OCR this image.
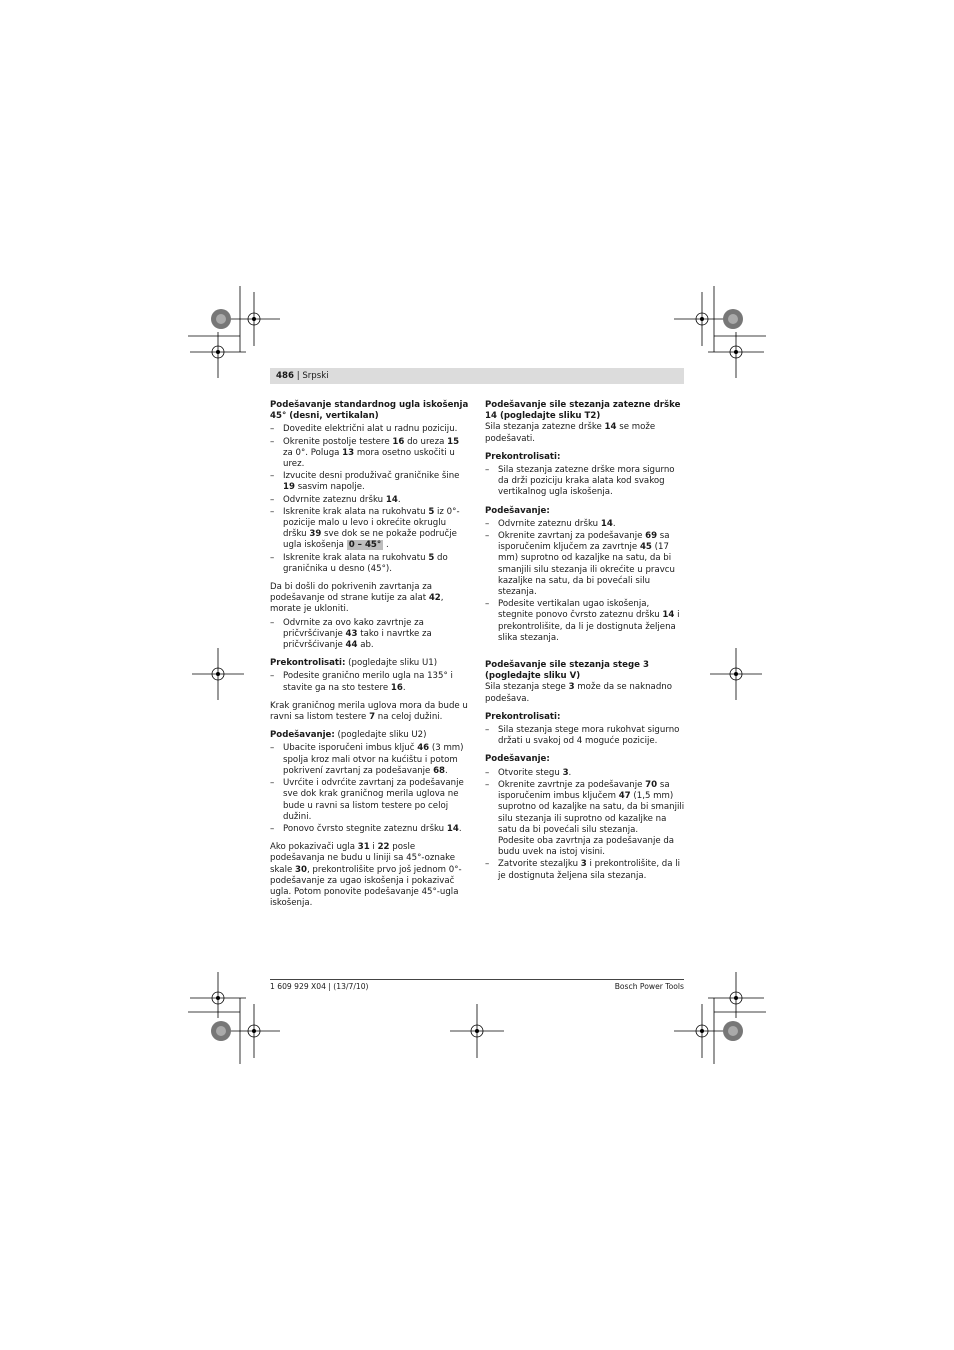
486 | Srpski

Podešavanje standardnog ugla iskošenja 45° (desni, vertikalan)

– Dovedite električni alat u radnu poziciju.
– Okrenite postolje testere 16 do ureza 15 za 0°. Poluga 13 mora osetno uskočiti u urez.
– Izvucite desni produživač graničnike šine 19 sasvim napolje.
– Odvrnite zateznu dršku 14.
– Iskrenite krak alata na rukohvatu 5 iz 0°-pozicije malo u levo i okrećite okruglu dršku 39 sve dok se ne pokaže područje ugla iskošenja 0 – 45° .
– Iskrenite krak alata na rukohvatu 5 do graničnika u desno (45°).

Da bi došli do pokrivenih zavrtanja za podešavanje od strane kutije za alat 42, morate je ukloniti.

– Odvrnite za ovo kako zavrtnje za pričvršćivanje 43 tako i navrtke za pričvršćivanje 44 ab.

Prekontrolisati: (pogledajte sliku U1)

– Podesite granično merilo ugla na 135° i stavite ga na sto testere 16.

Krak graničnog merila uglova mora da bude u ravni sa listom testere 7 na celoj dužini.

Podešavanje: (pogledajte sliku U2)

– Ubacite isporučeni imbus ključ 46 (3 mm) spolja kroz mali otvor na kućištu i potom pokrivení zavrtanj za podešavanje 68.
– Uvrćite i odvrćite zavrtanj za podešavanje sve dok krak graničnog merila uglova ne bude u ravni sa listom testere po celoj dužini.
– Ponovo čvrsto stegnite zateznu dršku 14.

Ako pokazivači ugla 31 i 22 posle podešavanja ne budu u liniji sa 45°-oznake skale 30, prekontrolišite prvo još jednom 0°-podešavanje za ugao iskošenja i pokazivač ugla. Potom ponovite podešavanje 45°-ugla iskošenja.

Podešavanje sile stezanja zatezne drške 14 (pogledajte sliku T2)

Sila stezanja zatezne drške 14 se može podešavati.

Prekontrolisati:

– Sila stezanja zatezne drške mora sigurno da drži poziciju kraka alata kod svakog vertikalnog ugla iskošenja.

Podešavanje:

– Odvrnite zateznu dršku 14.
– Okrenite zavrtanj za podešavanje 69 sa isporučenim ključem za zavrtnje 45 (17 mm) suprotno od kazaljke na satu, da bi smanjili silu stezanja ili okrećite u pravcu kazaljke na satu, da bi povećali silu stezanja.
– Podesite vertikalan ugao iskošenja, stegnite ponovo čvrsto zateznu dršku 14 i prekontrolišite, da li je dostignuta željena slika stezanja.

Podešavanje sile stezanja stege 3 (pogledajte sliku V)

Sila stezanja stege 3 može da se naknadno podešava.

Prekontrolisati:

– Sila stezanja stege mora rukohvat sigurno držati u svakoj od 4 moguće pozicije.

Podešavanje:

– Otvorite stegu 3.
– Okrenite zavrtnje za podešavanje 70 sa isporučenim imbus ključem 47 (1,5 mm) suprotno od kazaljke na satu, da bi smanjili silu stezanja ili suprotno od kazaljke na satu da bi povećali silu stezanja.
Podesite oba zavrtnja za podešavanje da budu uvek na istoj visini.
– Zatvorite stezaljku 3 i prekontrolišite, da li je dostignuta željena sila stezanja.
1 609 929 X04 | (13/7/10)	Bosch Power Tools
